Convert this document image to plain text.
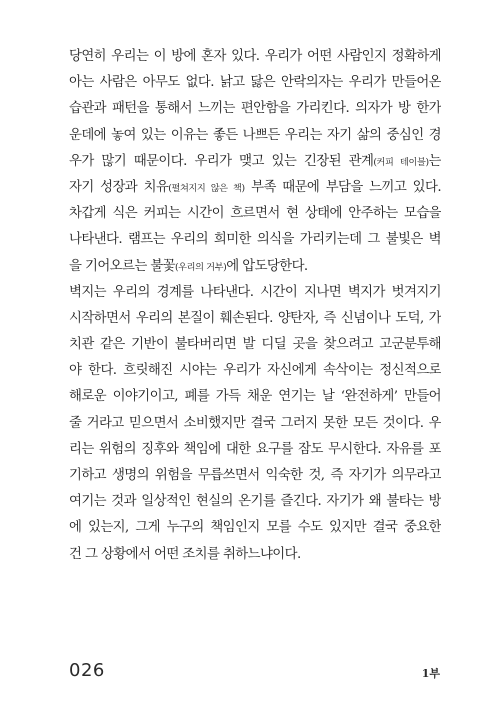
당연히 우리는 이 방에 혼자 있다. 우리가 어떤 사람인지 정확하게
아는 사람은 아무도 없다. 낡고 닳은 안락의자는 우리가 만들어온
습관과 패턴을 통해서 느끼는 편안함을 가리킨다. 의자가 방 한가
운데에 놓여 있는 이유는 좋든 나쁘든 우리는 자기 삶의 중심인 경
우가 많기 때문이다. 우리가 맺고 있는 긴장된 관계(커피 테이블)는
자기 성장과 치유(펼쳐지지 않은 책) 부족 때문에 부담을 느끼고 있다.
차갑게 식은 커피는 시간이 흐르면서 현 상태에 안주하는 모습을
나타낸다. 램프는 우리의 희미한 의식을 가리키는데 그 불빛은 벽
을 기어오르는 불꽃(우리의 거부)에 압도당한다.
벽지는 우리의 경계를 나타낸다. 시간이 지나면 벽지가 벗겨지기
시작하면서 우리의 본질이 훼손된다. 양탄자, 즉 신념이나 도덕, 가
치관 같은 기반이 불타버리면 발 디딜 곳을 찾으려고 고군분투해
야 한다. 흐릿해진 시야는 우리가 자신에게 속삭이는 정신적으로
해로운 이야기이고, 폐를 가득 채운 연기는 날 ‘완전하게’ 만들어
줄 거라고 믿으면서 소비했지만 결국 그러지 못한 모든 것이다. 우
리는 위험의 징후와 책임에 대한 요구를 잠도 무시한다. 자유를 포
기하고 생명의 위험을 무릅쓰면서 익숙한 것, 즉 자기가 의무라고
여기는 것과 일상적인 현실의 온기를 즐긴다. 자기가 왜 불타는 방
에 있는지, 그게 누구의 책임인지 모를 수도 있지만 결국 중요한
건 그 상황에서 어떤 조치를 취하느냐이다.
026	1부
